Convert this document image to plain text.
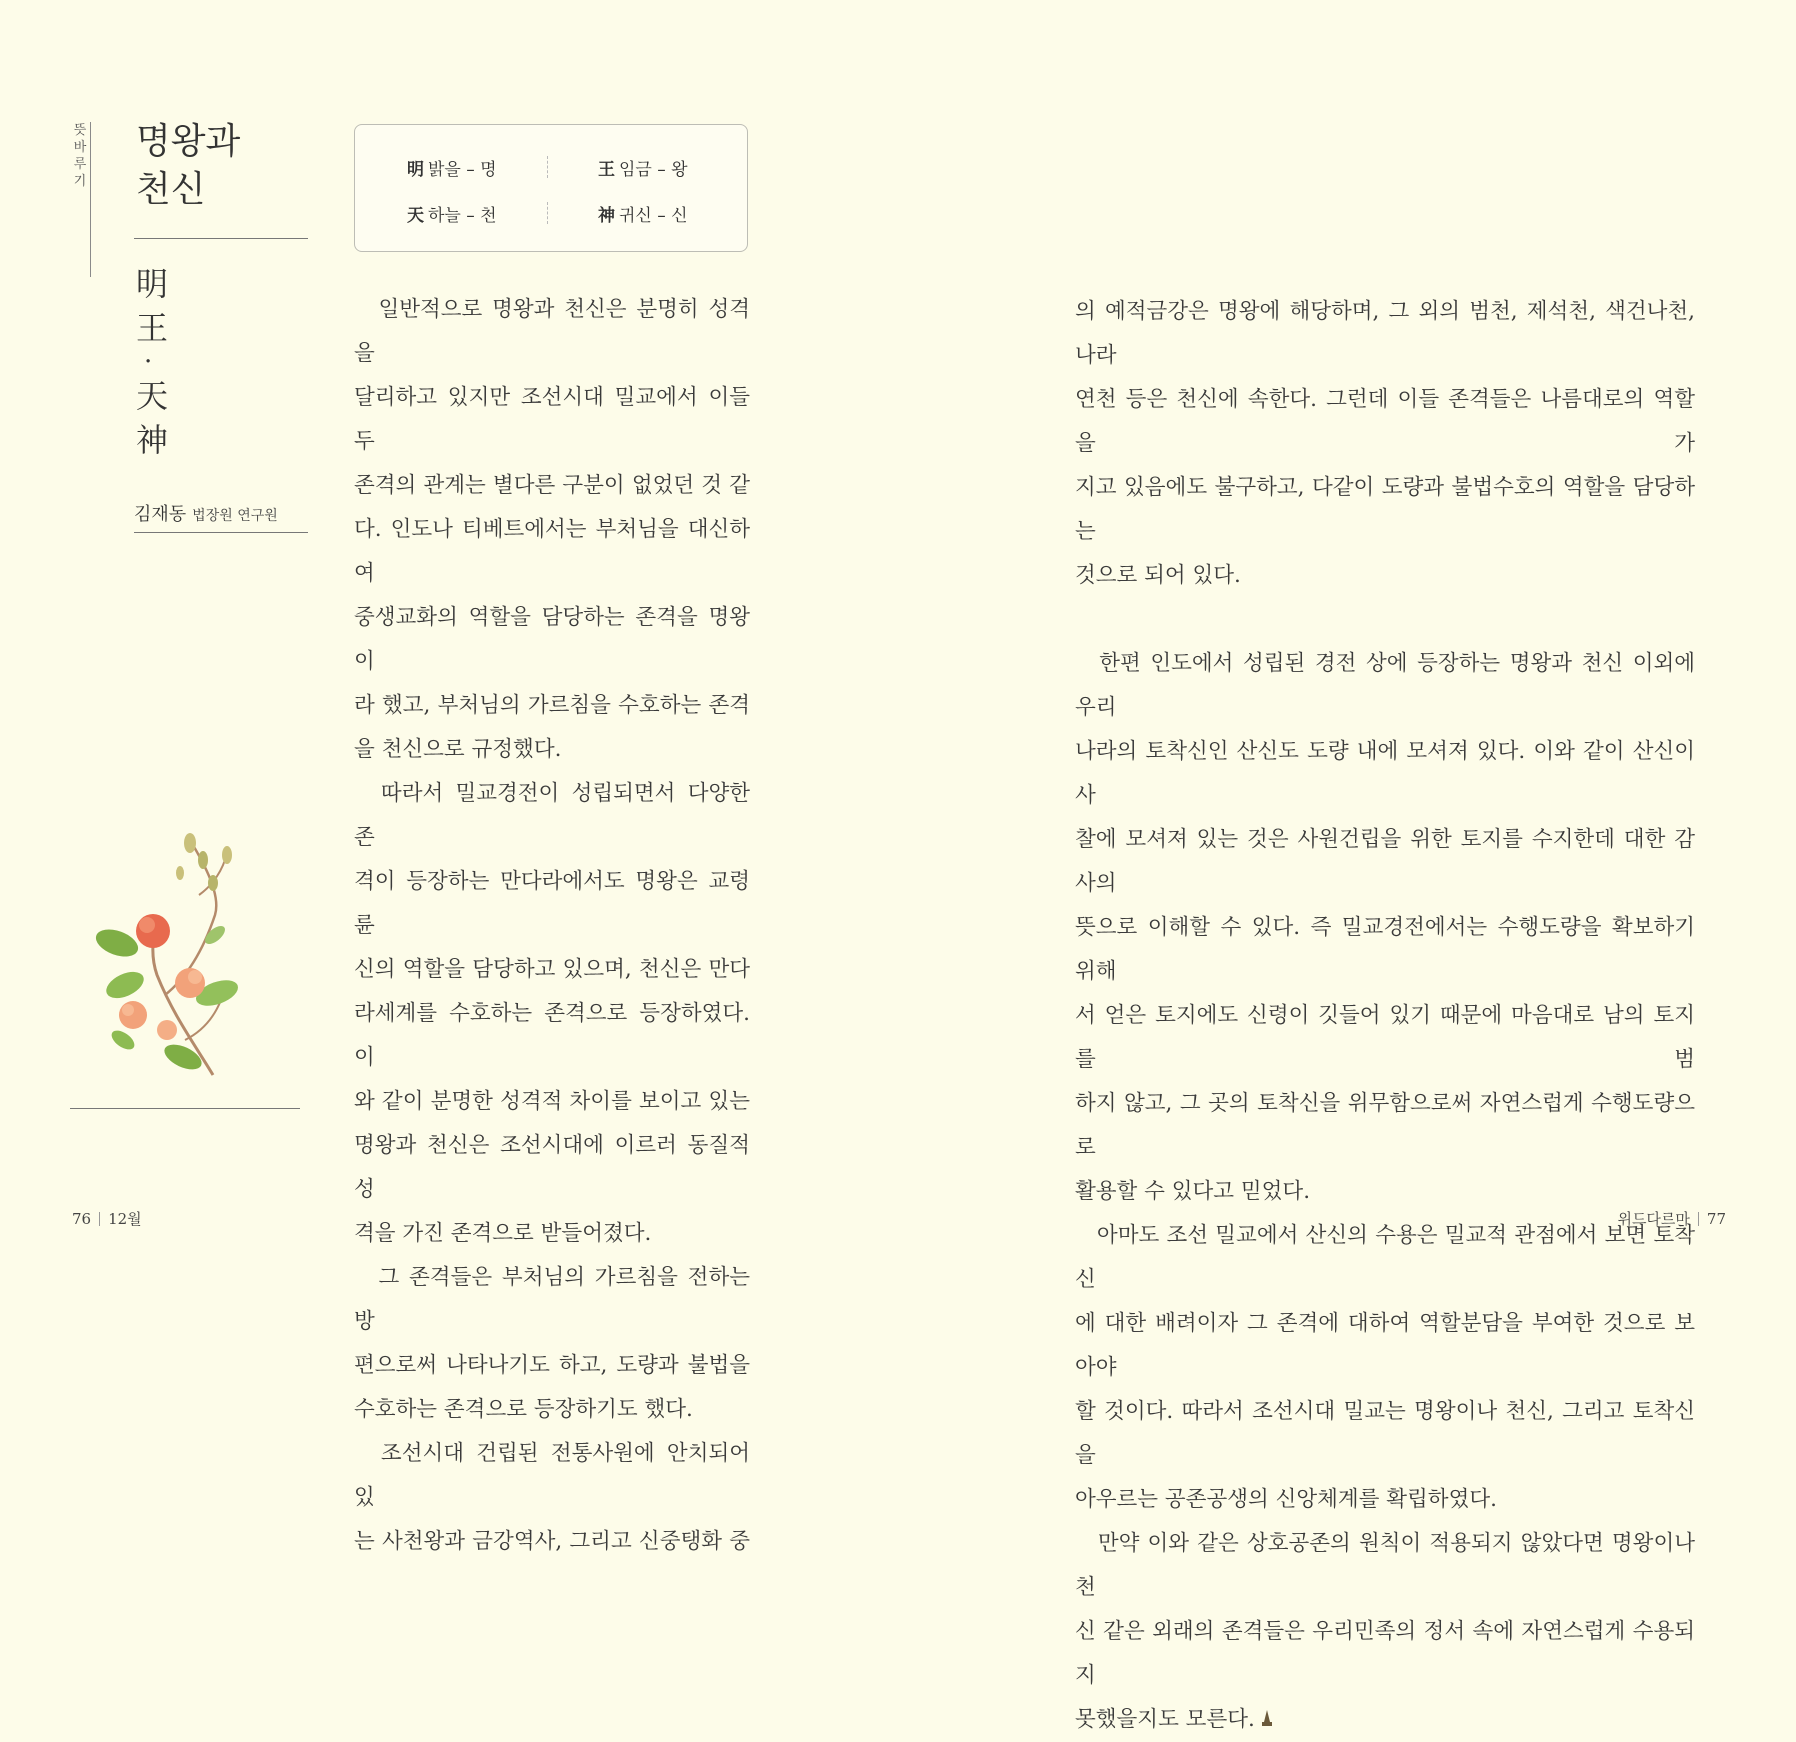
뜻바루기
명왕과
천신
明
王
·
天
神
김재동 법장원 연구원
明 밝을 – 명	王 임금 – 왕
天 하늘 – 천	神 귀신 – 신
　일반적으로 명왕과 천신은 분명히 성격을
달리하고 있지만 조선시대 밀교에서 이들 두
존격의 관계는 별다른 구분이 없었던 것 같
다. 인도나 티베트에서는 부처님을 대신하여
중생교화의 역할을 담당하는 존격을 명왕이
라 했고, 부처님의 가르침을 수호하는 존격
을 천신으로 규정했다.
　따라서 밀교경전이 성립되면서 다양한 존
격이 등장하는 만다라에서도 명왕은 교령륜
신의 역할을 담당하고 있으며, 천신은 만다
라세계를 수호하는 존격으로 등장하였다. 이
와 같이 분명한 성격적 차이를 보이고 있는
명왕과 천신은 조선시대에 이르러 동질적 성
격을 가진 존격으로 받들어졌다.
　그 존격들은 부처님의 가르침을 전하는 방
편으로써 나타나기도 하고, 도량과 불법을
수호하는 존격으로 등장하기도 했다.
　조선시대 건립된 전통사원에 안치되어 있
는 사천왕과 금강역사, 그리고 신중탱화 중
의 예적금강은 명왕에 해당하며, 그 외의 범천, 제석천, 색건나천, 나라
연천 등은 천신에 속한다. 그런데 이들 존격들은 나름대로의 역할을 가
지고 있음에도 불구하고, 다같이 도량과 불법수호의 역할을 담당하는
것으로 되어 있다.

　한편 인도에서 성립된 경전 상에 등장하는 명왕과 천신 이외에 우리
나라의 토착신인 산신도 도량 내에 모셔져 있다. 이와 같이 산신이 사
찰에 모셔져 있는 것은 사원건립을 위한 토지를 수지한데 대한 감사의
뜻으로 이해할 수 있다. 즉 밀교경전에서는 수행도량을 확보하기 위해
서 얻은 토지에도 신령이 깃들어 있기 때문에 마음대로 남의 토지를 범
하지 않고, 그 곳의 토착신을 위무함으로써 자연스럽게 수행도량으로
활용할 수 있다고 믿었다.
　아마도 조선 밀교에서 산신의 수용은 밀교적 관점에서 보면 토착신
에 대한 배려이자 그 존격에 대하여 역할분담을 부여한 것으로 보아야
할 것이다. 따라서 조선시대 밀교는 명왕이나 천신, 그리고 토착신을
아우르는 공존공생의 신앙체계를 확립하였다.
　만약 이와 같은 상호공존의 원칙이 적용되지 않았다면 명왕이나 천
신 같은 외래의 존격들은 우리민족의 정서 속에 자연스럽게 수용되지
못했을지도 모른다.
76 12월	위드다르마 77
